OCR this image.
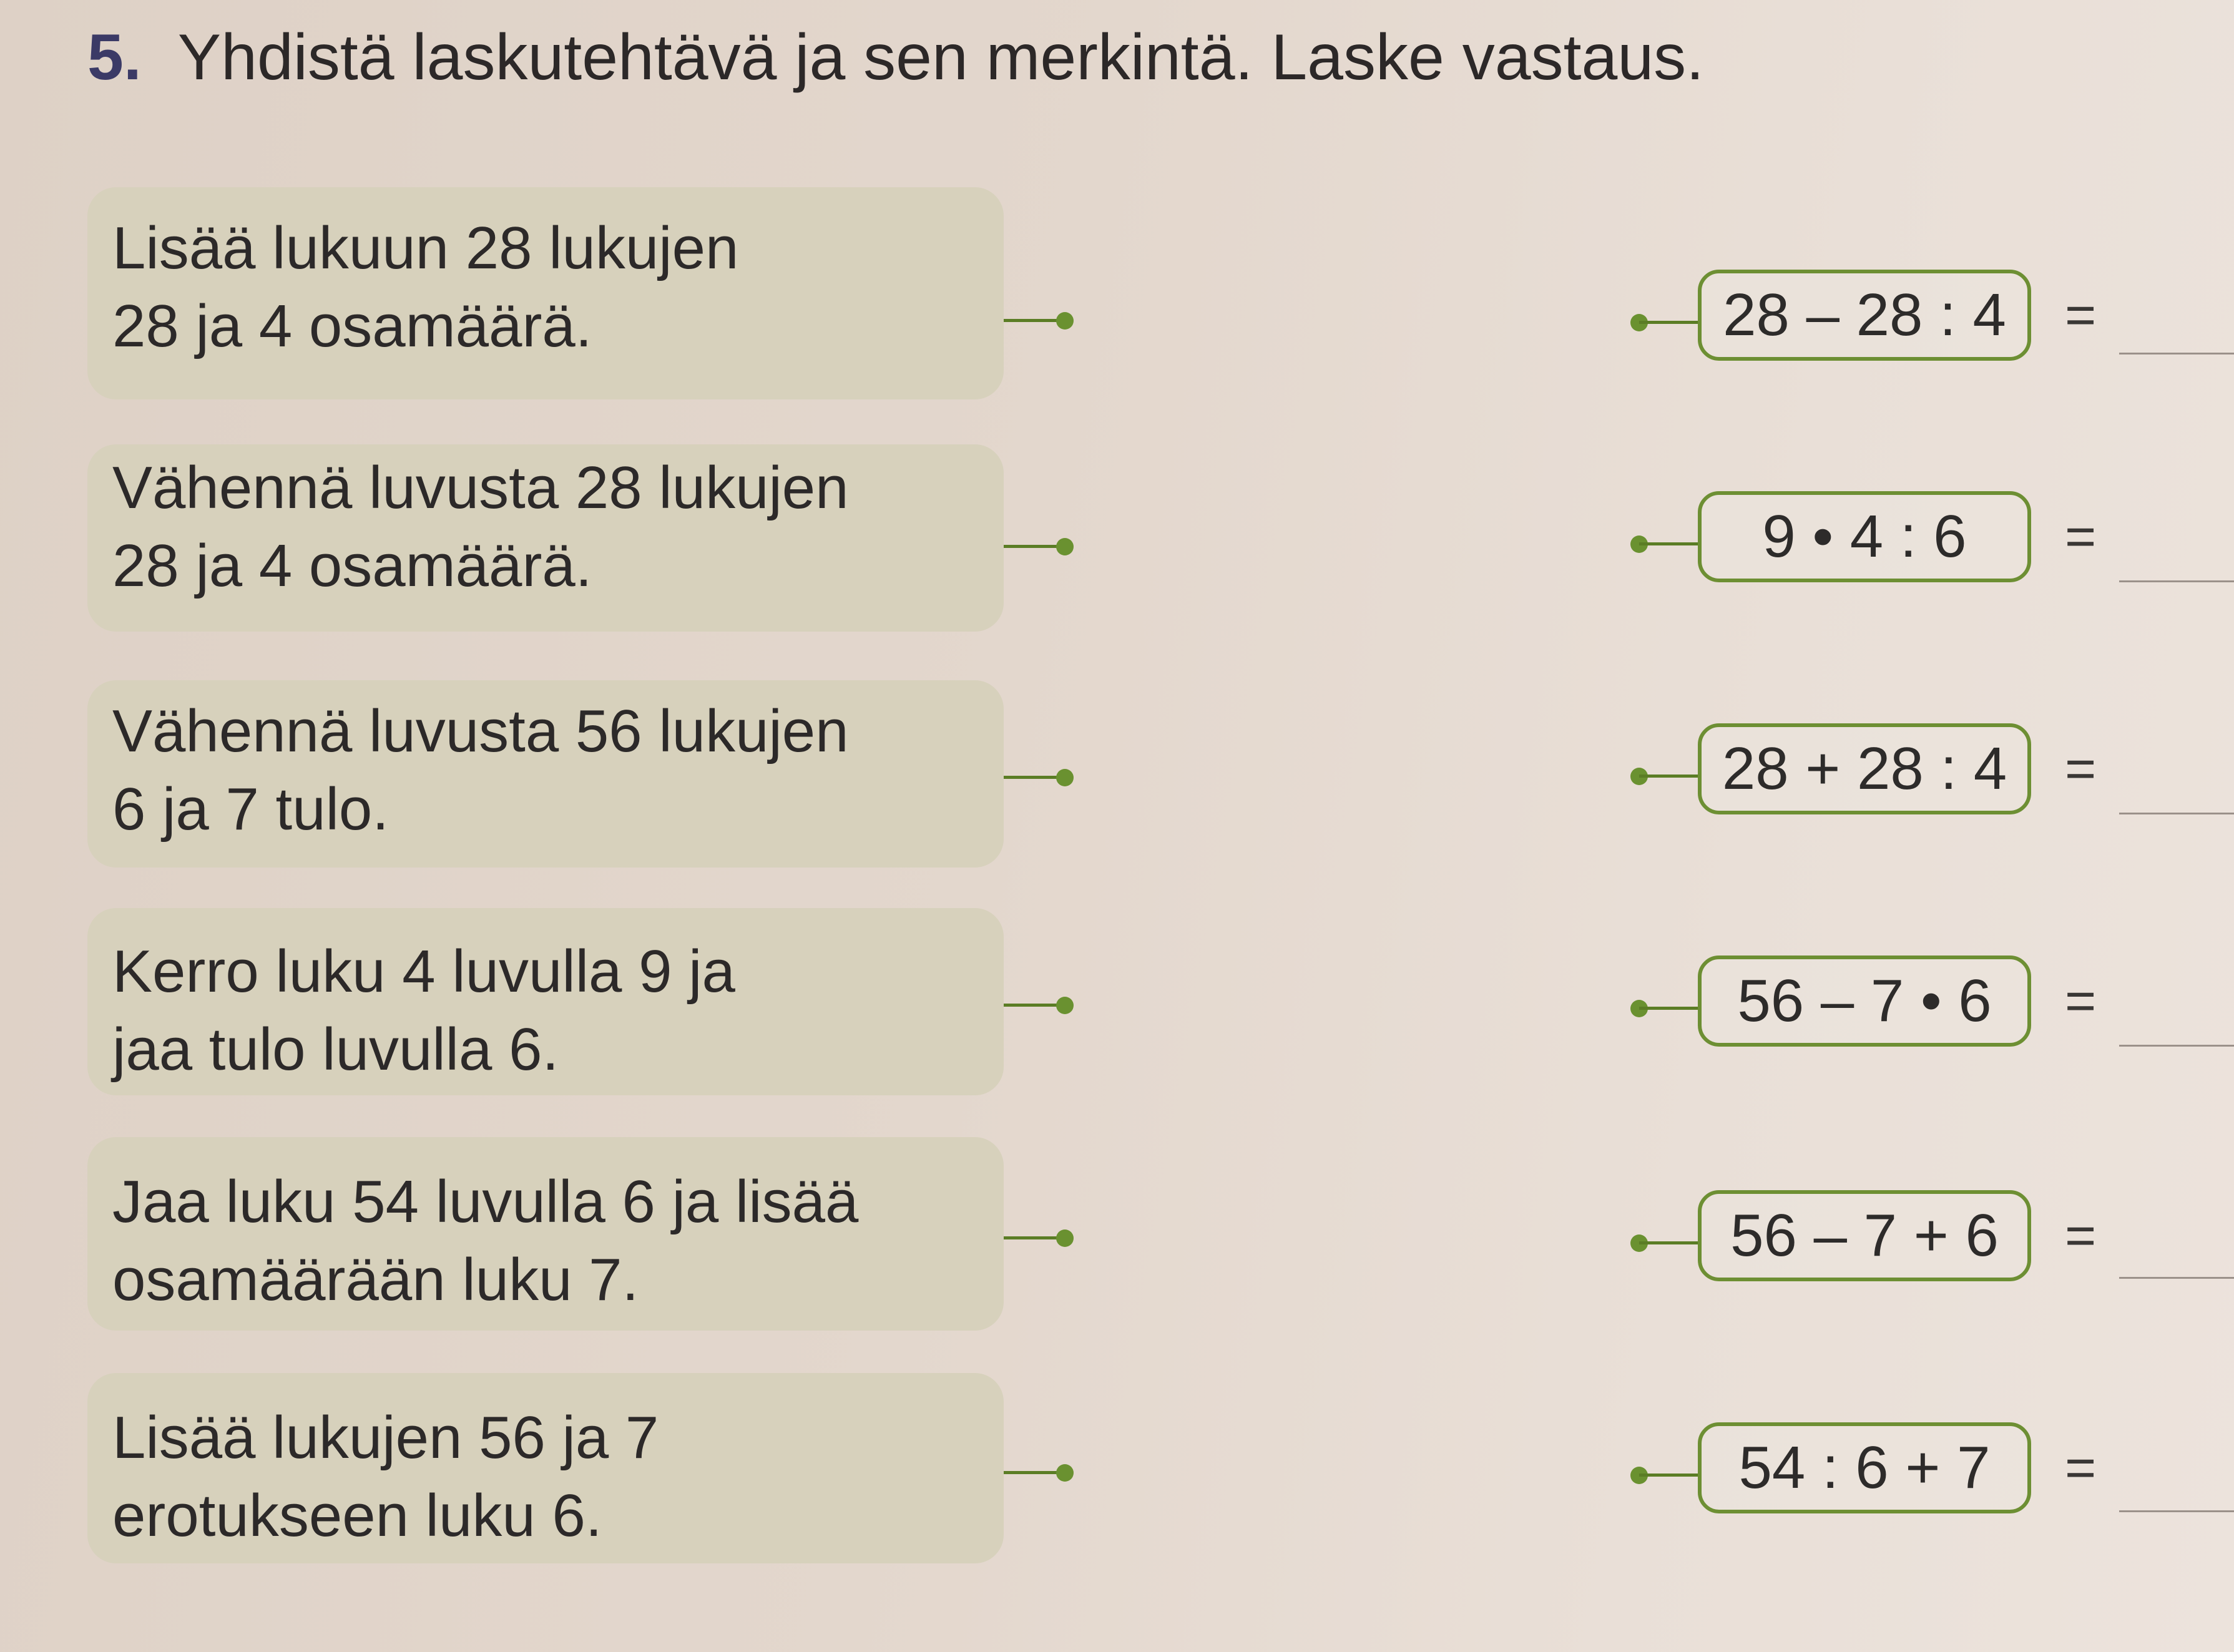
5. Yhdistä laskutehtävä ja sen merkintä. Laske vastaus.
Lisää lukuun 28 lukujen
28 ja 4 osamäärä.
Vähennä luvusta 28 lukujen
28 ja 4 osamäärä.
Vähennä luvusta 56 lukujen
6 ja 7 tulo.
Kerro luku 4 luvulla 9 ja
jaa tulo luvulla 6.
Jaa luku 54 luvulla 6 ja lisää
osamäärään luku 7.
Lisää lukujen 56 ja 7
erotukseen luku 6.
28 – 28 : 4	=
9 • 4 : 6	=
28 + 28 : 4	=
56 – 7 • 6	=
56 – 7 + 6	=
54 : 6 + 7	=
